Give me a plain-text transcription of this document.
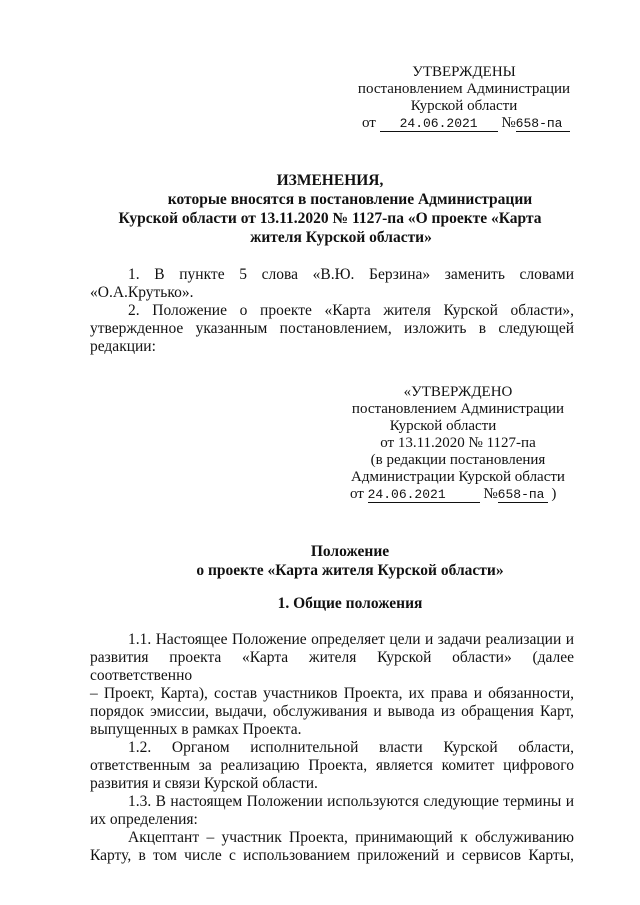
УТВЕРЖДЕНЫ
постановлением Администрации
Курской области
от 24.06.2021 №658-па
ИЗМЕНЕНИЯ,
которые вносятся в постановление Администрации
Курской области от 13.11.2020 № 1127-па «О проекте «Карта
жителя Курской области»

1. В пункте 5 слова «В.Ю. Берзина» заменить словами

«О.А.Крутько».

2. Положение о проекте «Карта жителя Курской области»,

утвержденное указанным постановлением, изложить в следующей

редакции:

«УТВЕРЖДЕНО
постановлением Администрации
Курской области
от 13.11.2020 № 1127-па
(в редакции постановления
Администрации Курской области
от 24.06.2021	№658-па )
Положение
о проекте «Карта жителя Курской области»
1. Общие положения

1.1. Настоящее Положение определяет цели и задачи реализации и

развития проекта «Карта жителя Курской области» (далее соответственно

– Проект, Карта), состав участников Проекта, их права и обязанности,

порядок эмиссии, выдачи, обслуживания и вывода из обращения Карт,

выпущенных в рамках Проекта.

1.2. Органом исполнительной власти Курской области,

ответственным за реализацию Проекта, является комитет цифрового

развития и связи Курской области.

1.3. В настоящем Положении используются следующие термины и

их определения:

Акцептант – участник Проекта, принимающий к обслуживанию

Карту, в том числе с использованием приложений и сервисов Карты,
